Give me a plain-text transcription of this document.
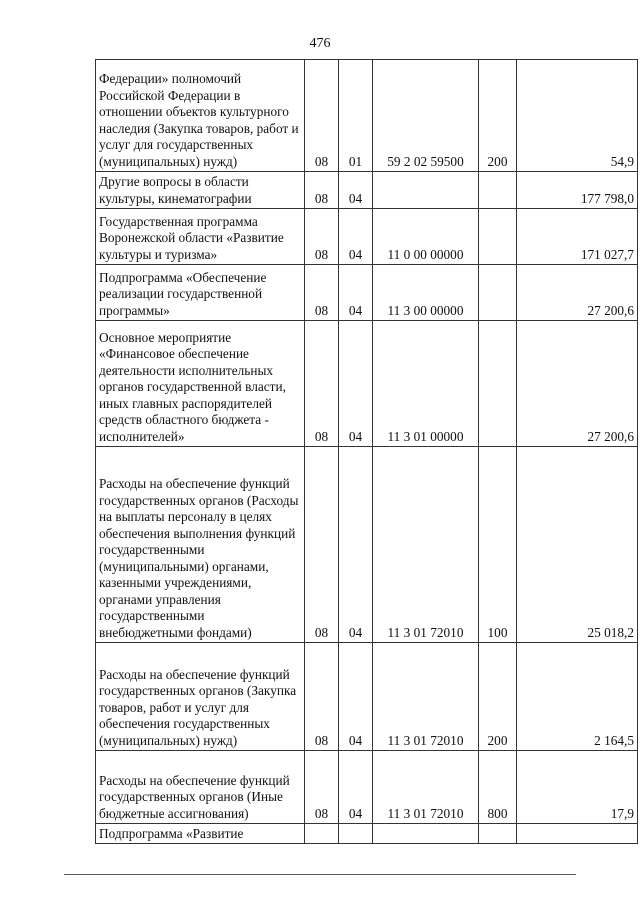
476
Федерации» полномочий Российской Федерации в отношении объектов культурного наследия (Закупка товаров, работ и услуг для государственных (муниципальных) нужд)	08	01	59 2 02 59500	200	54,9

Другие вопросы в области культуры, кинематографии	08	04			177 798,0

Государственная программа Воронежской области «Развитие культуры и туризма»	08	04	11 0 00 00000		171 027,7

Подпрограмма «Обеспечение реализации государственной программы»	08	04	11 3 00 00000		27 200,6

Основное мероприятие «Финансовое обеспечение деятельности исполнительных органов государственной власти, иных главных распорядителей средств областного бюджета - исполнителей»	08	04	11 3 01 00000		27 200,6

Расходы на обеспечение функций государственных органов (Расходы на выплаты персоналу в целях обеспечения выполнения функций государственными (муниципальными) органами, казенными учреждениями, органами управления государственными внебюджетными фондами)	08	04	11 3 01 72010	100	25 018,2

Расходы на обеспечение функций государственных органов (Закупка товаров, работ и услуг для обеспечения государственных (муниципальных) нужд)	08	04	11 3 01 72010	200	2 164,5

Расходы на обеспечение функций государственных органов (Иные бюджетные ассигнования)	08	04	11 3 01 72010	800	17,9

Подпрограмма «Развитие					
